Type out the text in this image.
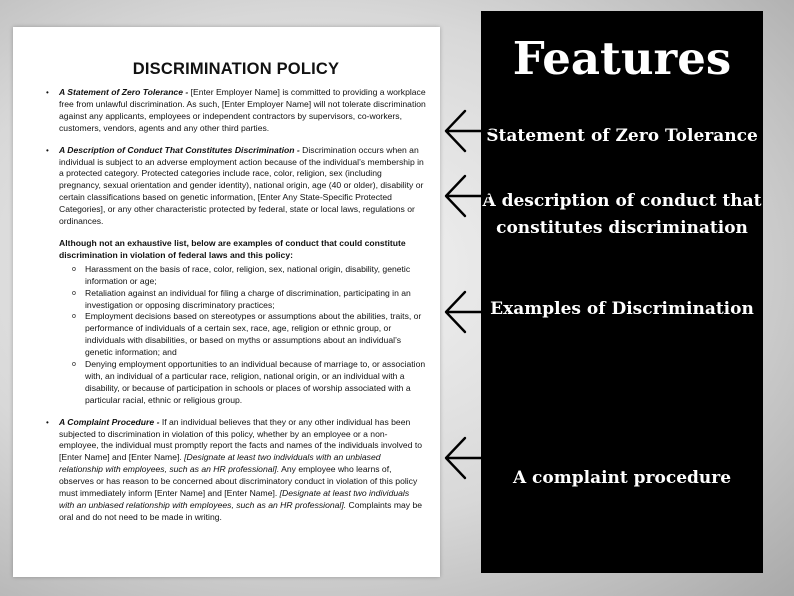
DISCRIMINATION POLICY
• A Statement of Zero Tolerance - [Enter Employer Name] is committed to providing a workplace free from unlawful discrimination. As such, [Enter Employer Name] will not tolerate discrimination against any applicants, employees or independent contractors by supervisors, co-workers, customers, vendors, agents and any other third parties.
• A Description of Conduct That Constitutes Discrimination - Discrimination occurs when an individual is subject to an adverse employment action because of the individual’s membership in a protected category. Protected categories include race, color, religion, sex (including pregnancy, sexual orientation and gender identity), national origin, age (40 or older), disability or certain classifications based on genetic information, [Enter Any State-Specific Protected Categories], or any other characteristic protected by federal, state or local laws, regulations or ordinances.
Although not an exhaustive list, below are examples of conduct that could constitute discrimination in violation of federal laws and this policy:
o Harassment on the basis of race, color, religion, sex, national origin, disability, genetic information or age;
o Retaliation against an individual for filing a charge of discrimination, participating in an investigation or opposing discriminatory practices;
o Employment decisions based on stereotypes or assumptions about the abilities, traits, or performance of individuals of a certain sex, race, age, religion or ethnic group, or individuals with disabilities, or based on myths or assumptions about an individual’s genetic information; and
o Denying employment opportunities to an individual because of marriage to, or association with, an individual of a particular race, religion, national origin, or an individual with a disability, or because of participation in schools or places of worship associated with a particular racial, ethnic or religious group.
• A Complaint Procedure - If an individual believes that they or any other individual has been subjected to discrimination in violation of this policy, whether by an employee or a non-employee, the individual must promptly report the facts and names of the individuals involved to [Enter Name] and [Enter Name]. [Designate at least two individuals with an unbiased relationship with employees, such as an HR professional]. Any employee who learns of, observes or has reason to be concerned about discriminatory conduct in violation of this policy must immediately inform [Enter Name] and [Enter Name]. [Designate at least two individuals with an unbiased relationship with employees, such as an HR professional]. Complaints may be oral and do not need to be made in writing.
Features
Statement of Zero Tolerance
A description of conduct that
constitutes discrimination
Examples of Discrimination
A complaint procedure
